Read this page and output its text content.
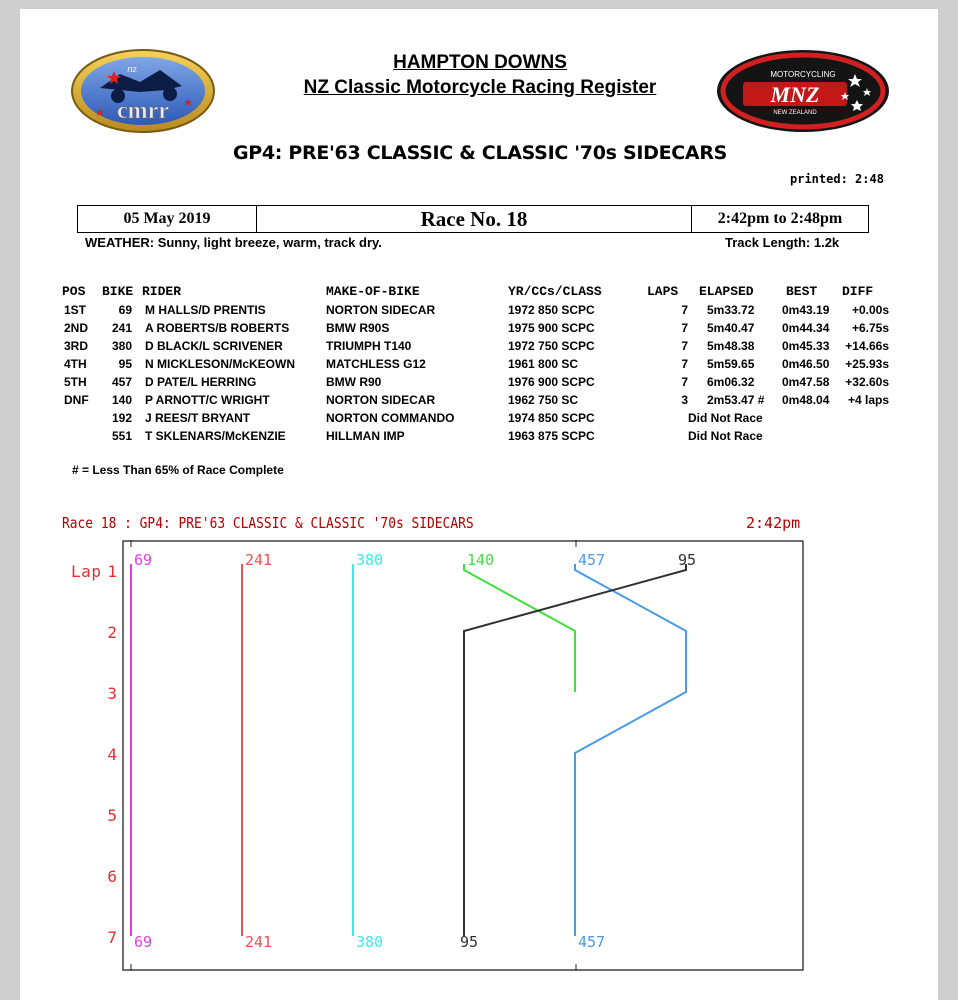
cmrr
nz	MOTORCYCLING
MNZ
NEW ZEALAND
HAMPTON DOWNS
NZ Classic Motorcycle Racing Register
GP4: PRE'63 CLASSIC & CLASSIC '70s SIDECARS
printed: 2:48
05 May 2019	Race No. 18	2:42pm to 2:48pm
WEATHER: Sunny, light breeze, warm, track dry.	Track Length: 1.2k
POS BIKE RIDER	MAKE-OF-BIKE	YR/CCs/CLASS	LAPS ELAPSED BEST DIFF
1ST	69 M HALLS/D PRENTIS	NORTON SIDECAR	1972 850 SCPC	7 5m33.72 0m43.19	+0.00s
2ND	241 A ROBERTS/B ROBERTS	BMW R90S	1975 900 SCPC	7 5m40.47 0m44.34	+6.75s
3RD	380 D BLACK/L SCRIVENER	TRIUMPH T140	1972 750 SCPC	7 5m48.38 0m45.33 +14.66s
4TH	95 N MICKLESON/McKEOWN	MATCHLESS G12	1961 800 SC	7 5m59.65 0m46.50 +25.93s
5TH	457 D PATE/L HERRING	BMW R90	1976 900 SCPC	7 6m06.32 0m47.58 +32.60s
DNF	140 P ARNOTT/C WRIGHT	NORTON SIDECAR	1962 750 SC	3 2m53.47 # 0m48.04	+4 laps
192 J REES/T BRYANT	NORTON COMMANDO	1974 850 SCPC	Did Not Race
551 T SKLENARS/McKENZIE	HILLMAN IMP	1963 875 SCPC	Did Not Race
# = Less Than 65% of Race Complete
Race 18 : GP4: PRE'63 CLASSIC & CLASSIC '70s SIDECARS	2:42pm
1
Lap
2
3
4
5
6
7
69
69
241
241
380
380
140	457
457
95
95
